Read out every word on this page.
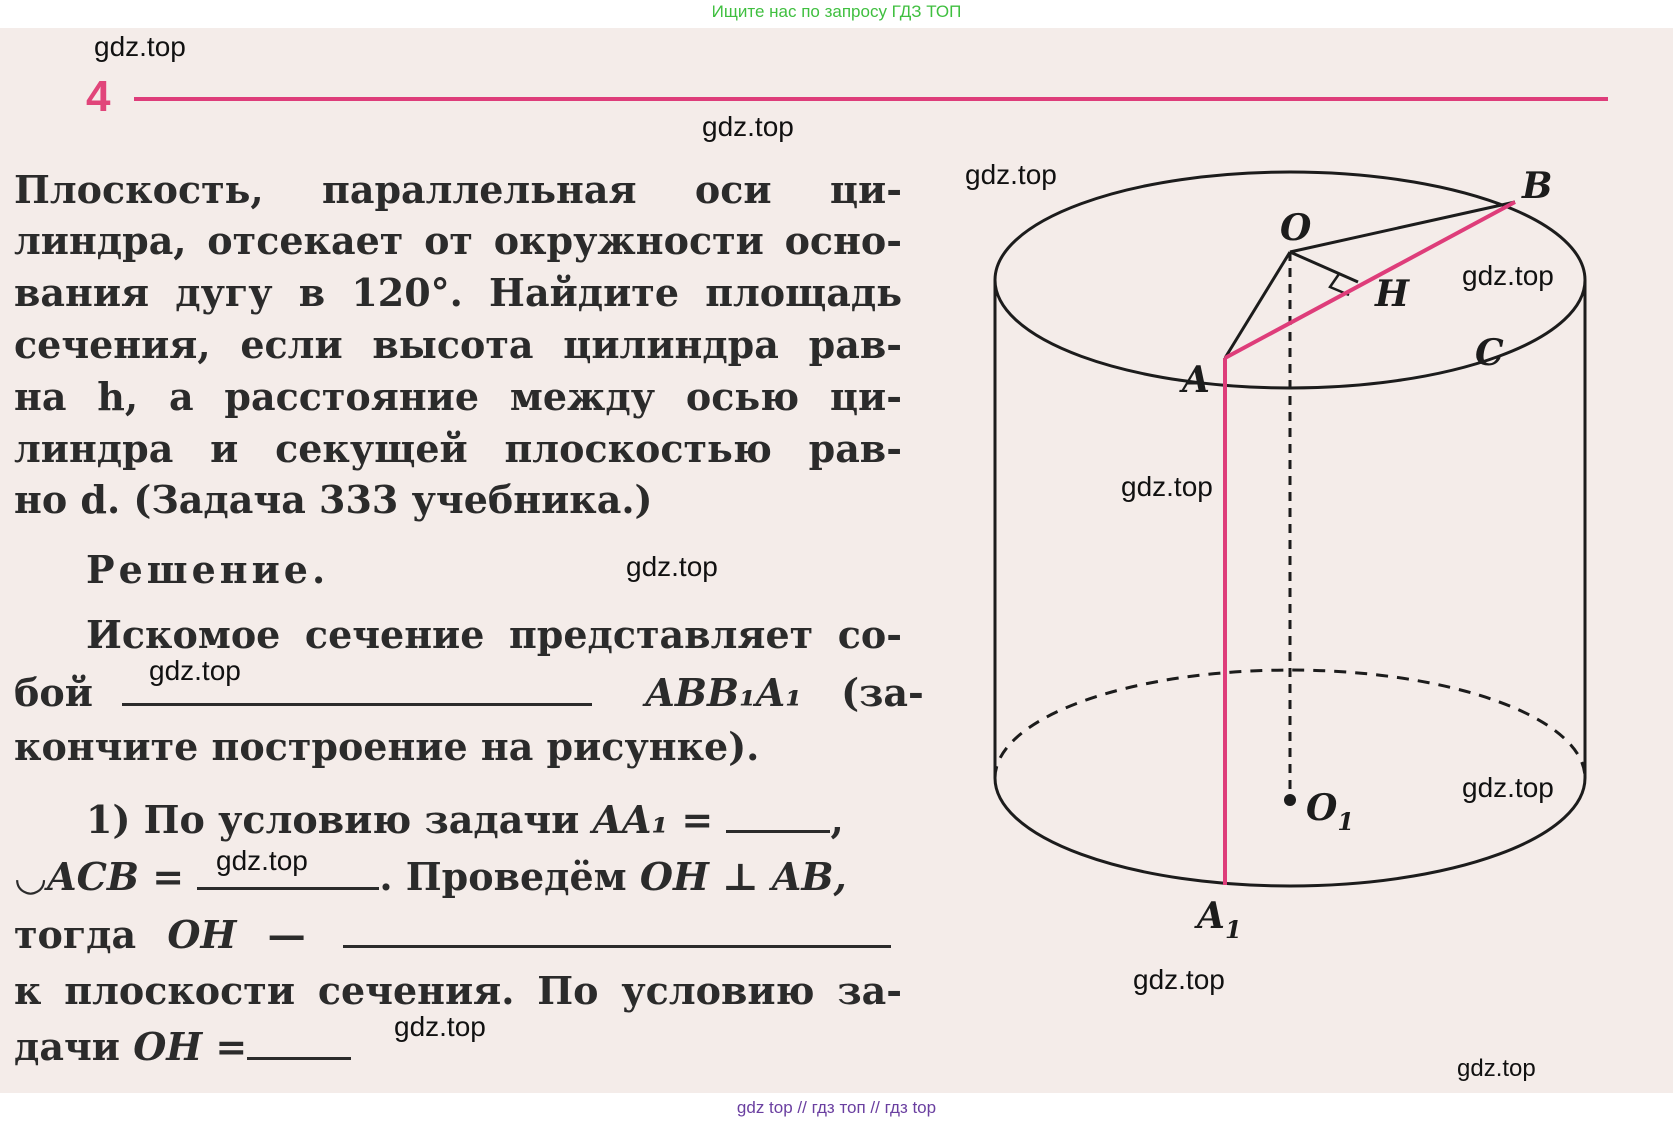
Ищите нас по запросу ГДЗ ТОП
4
Плоскость, параллельная оси ци-
линдра, отсекает от окружности осно-
вания дугу в 120°. Найдите площадь
сечения, если высота цилиндра рав-
на h, а расстояние между осью ци-
линдра и секущей плоскостью рав-
но d. (Задача 333 учебника.)
Решение.
Искомое сечение представляет со-
бой	ABB₁A₁ (за-
кончите построение на рисунке).
1) По условию задачи AA₁ =	,
◡ACB =	. Проведём OH ⊥ AB,
тогда OH —
к плоскости сечения. По условию за-
дачи OH =
O
B
H
A
C
$O_1$
$A_1$
gdz.top
gdz.top
gdz.top
gdz.top
gdz.top
gdz.top
gdz.top
gdz.top
gdz.top
gdz.top
gdz.top
gdz.top
gdz top // гдз топ // гдз top
